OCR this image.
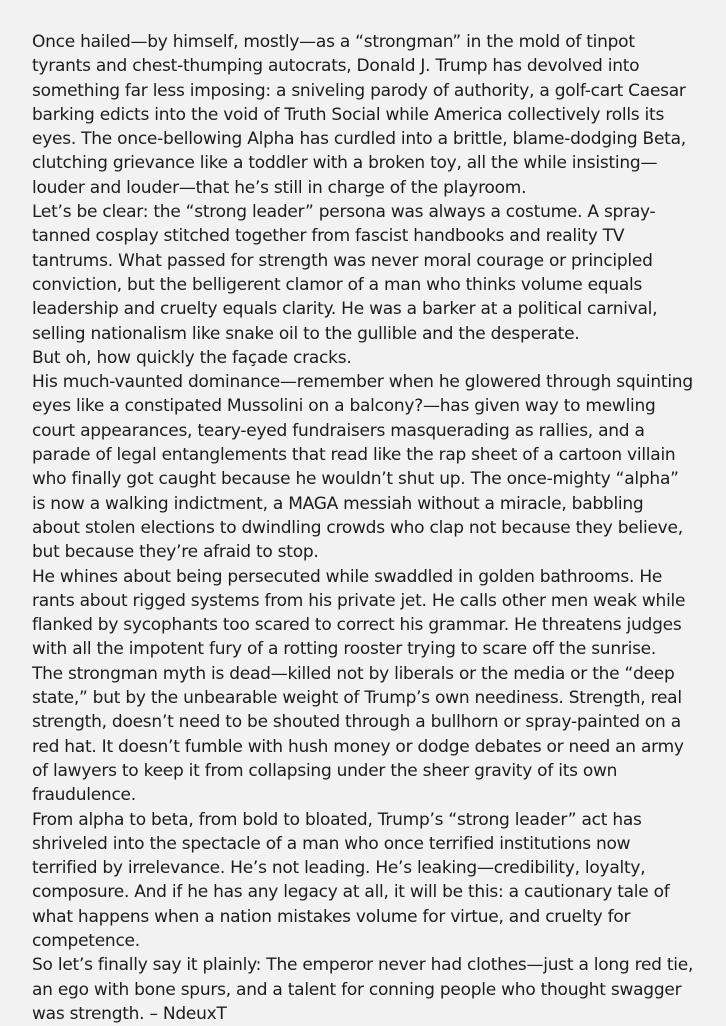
Once hailed—by himself, mostly—as a “strongman” in the mold of tinpot tyrants and chest-thumping autocrats, Donald J. Trump has devolved into something far less imposing: a sniveling parody of authority, a golf-cart Caesar barking edicts into the void of Truth Social while America collectively rolls its eyes. The once-bellowing Alpha has curdled into a brittle, blame-dodging Beta, clutching grievance like a toddler with a broken toy, all the while insisting—louder and louder—that he’s still in charge of the playroom.

Let’s be clear: the “strong leader” persona was always a costume. A spray-tanned cosplay stitched together from fascist handbooks and reality TV tantrums. What passed for strength was never moral courage or principled conviction, but the belligerent clamor of a man who thinks volume equals leadership and cruelty equals clarity. He was a barker at a political carnival, selling nationalism like snake oil to the gullible and the desperate.

But oh, how quickly the façade cracks.

His much-vaunted dominance—remember when he glowered through squinting eyes like a constipated Mussolini on a balcony?—has given way to mewling court appearances, teary-eyed fundraisers masquerading as rallies, and a parade of legal entanglements that read like the rap sheet of a cartoon villain who finally got caught because he wouldn’t shut up. The once-mighty “alpha” is now a walking indictment, a MAGA messiah without a miracle, babbling about stolen elections to dwindling crowds who clap not because they believe, but because they’re afraid to stop.

He whines about being persecuted while swaddled in golden bathrooms. He rants about rigged systems from his private jet. He calls other men weak while flanked by sycophants too scared to correct his grammar. He threatens judges with all the impotent fury of a rotting rooster trying to scare off the sunrise.

The strongman myth is dead—killed not by liberals or the media or the “deep state,” but by the unbearable weight of Trump’s own neediness. Strength, real strength, doesn’t need to be shouted through a bullhorn or spray-painted on a red hat. It doesn’t fumble with hush money or dodge debates or need an army of lawyers to keep it from collapsing under the sheer gravity of its own fraudulence.

From alpha to beta, from bold to bloated, Trump’s “strong leader” act has shriveled into the spectacle of a man who once terrified institutions now terrified by irrelevance. He’s not leading. He’s leaking—credibility, loyalty, composure. And if he has any legacy at all, it will be this: a cautionary tale of what happens when a nation mistakes volume for virtue, and cruelty for competence.

So let’s finally say it plainly: The emperor never had clothes—just a long red tie, an ego with bone spurs, and a talent for conning people who thought swagger was strength. – NdeuxT
